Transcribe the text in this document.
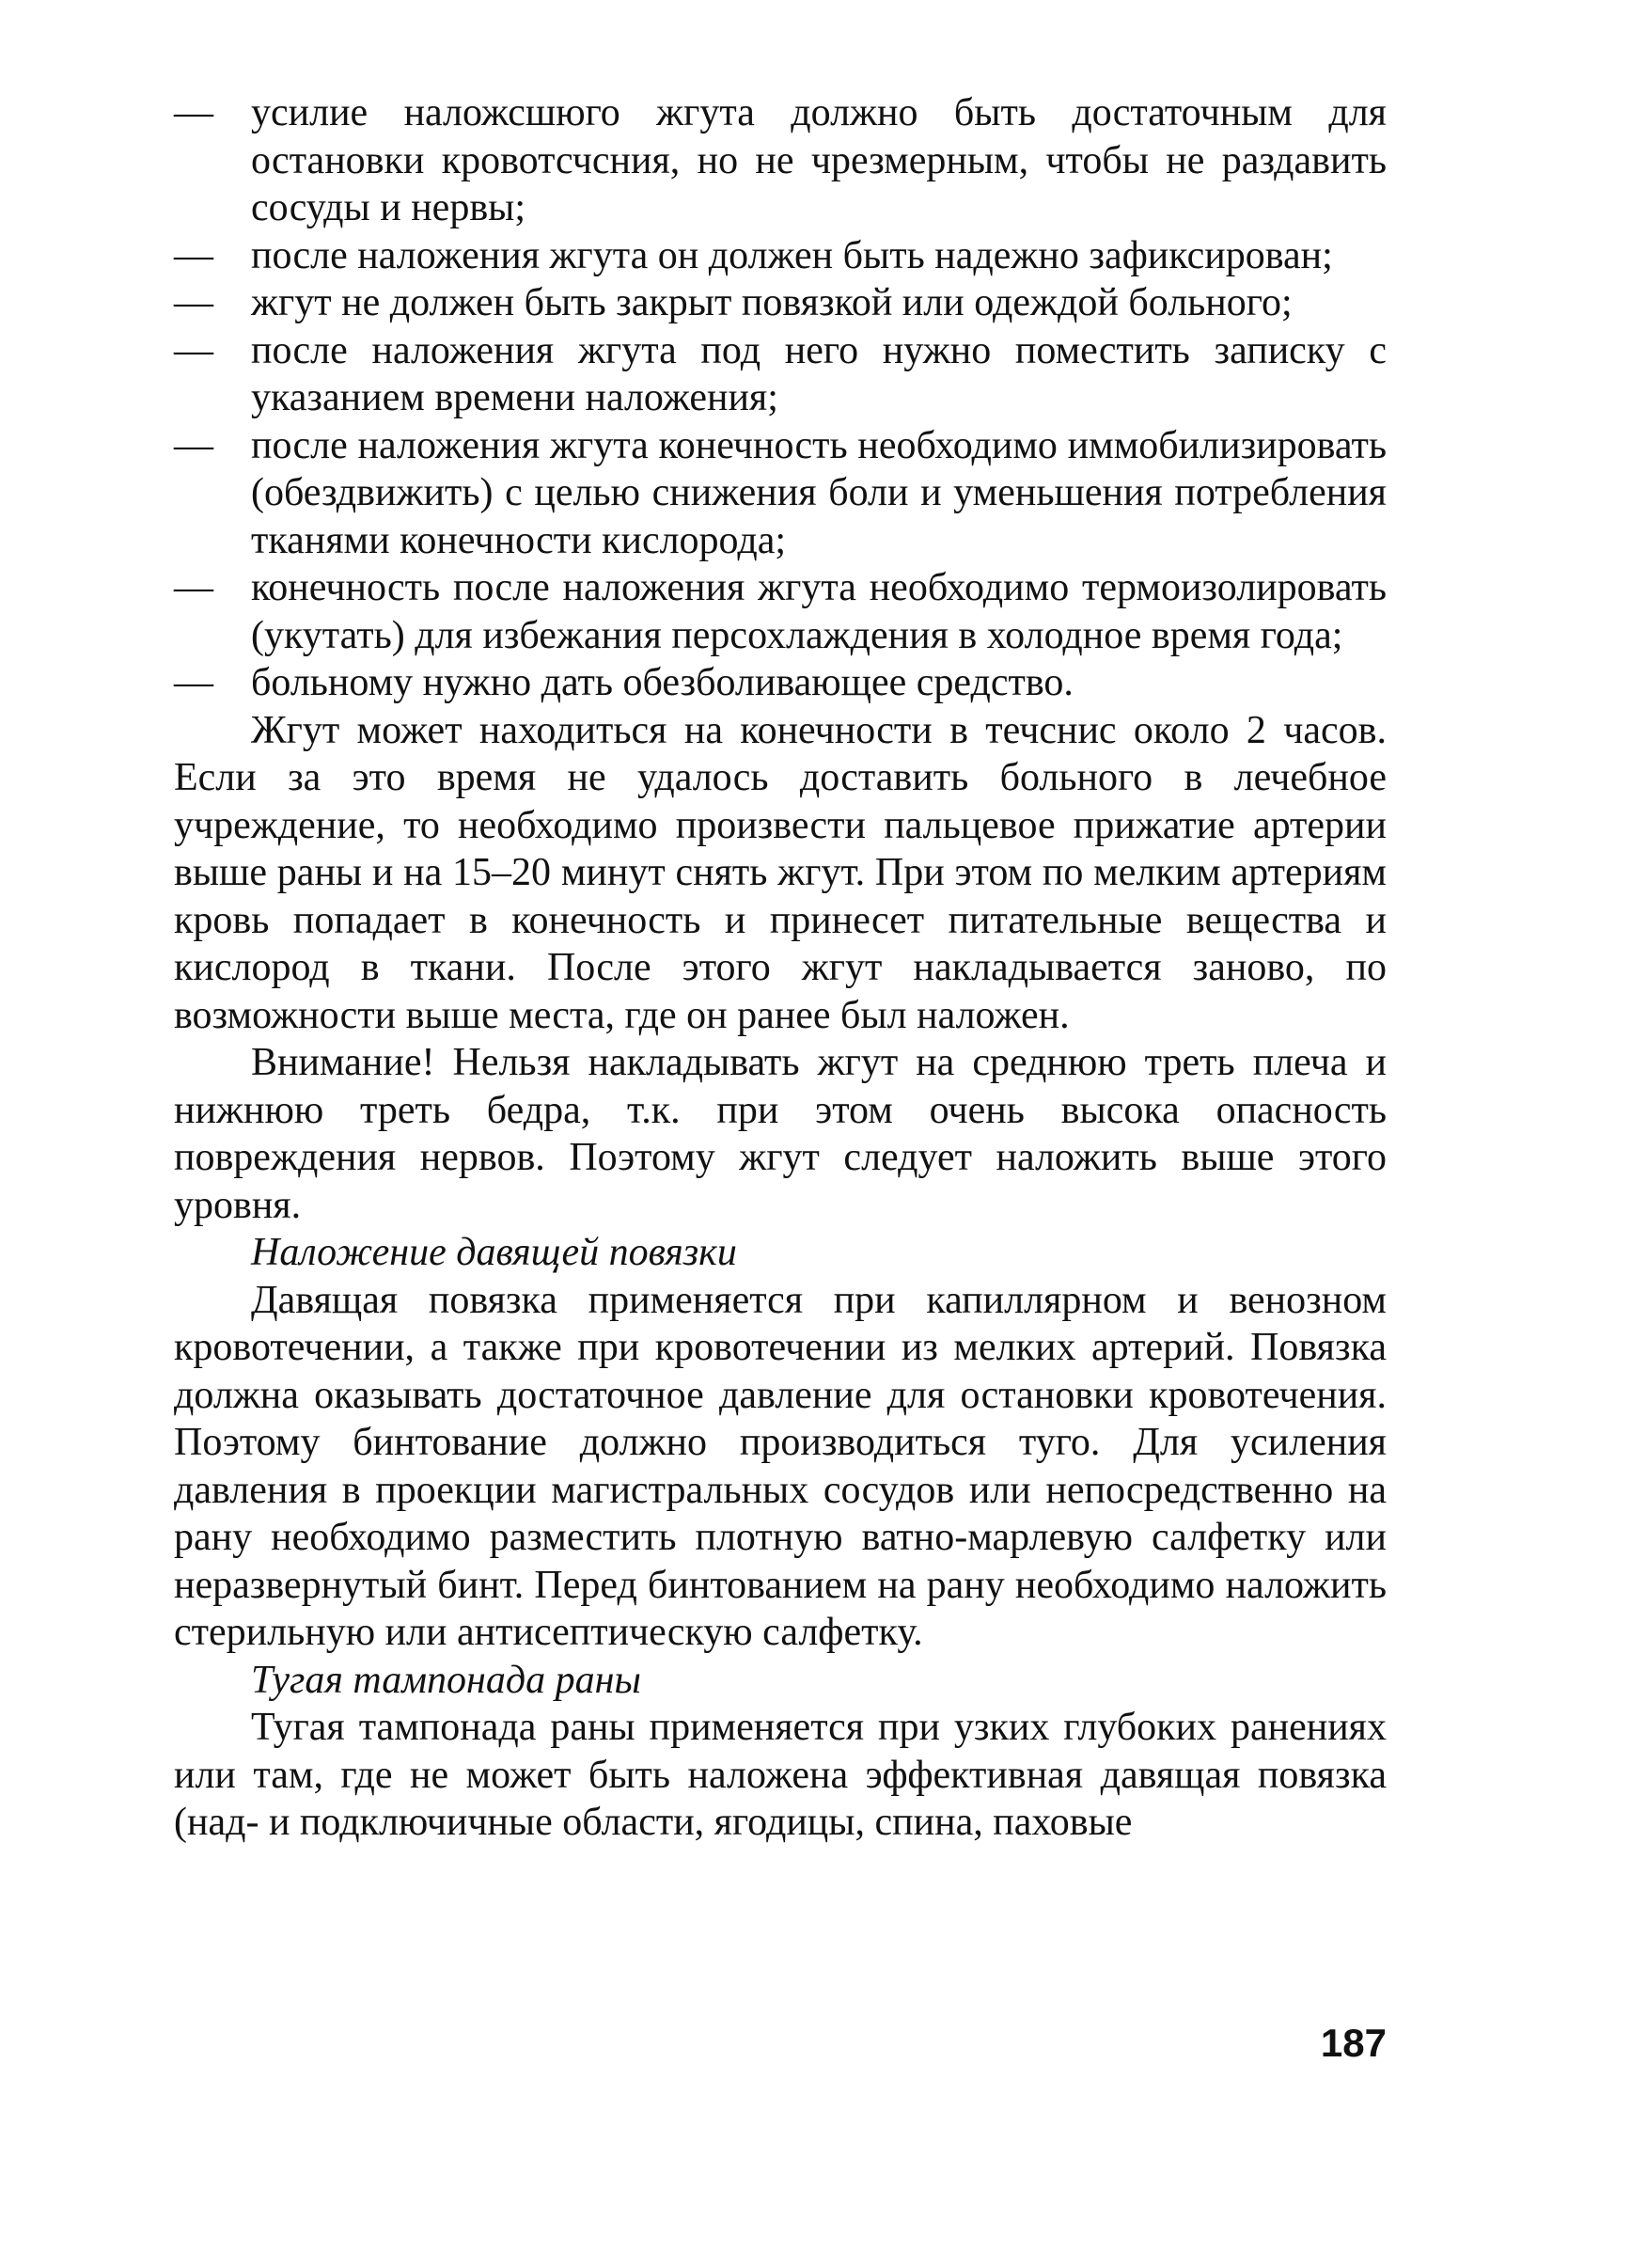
— усилие наложсшюго жгута должно быть достаточным для остановки кровотсчсния, но не чрезмерным, чтобы не раздавить сосуды и нервы;
— после наложения жгута он должен быть надежно зафиксирован;
— жгут не должен быть закрыт повязкой или одеждой больного;
— после наложения жгута под него нужно поместить записку с указанием времени наложения;
— после наложения жгута конечность необходимо иммобилизировать (обездвижить) с целью снижения боли и уменьшения потребления тканями конечности кислорода;
— конечность после наложения жгута необходимо термоизолировать (укутать) для избежания персохлаждения в холодное время года;
— больному нужно дать обезболивающее средство.

Жгут может находиться на конечности в течснис около 2 часов. Если за это время не удалось доставить больного в лечебное учреждение, то необходимо произвести пальцевое прижатие артерии выше раны и на 15–20 минут снять жгут. При этом по мелким артериям кровь попадает в конечность и принесет питательные вещества и кислород в ткани. После этого жгут накладывается заново, по возможности выше места, где он ранее был наложен.

Внимание! Нельзя накладывать жгут на среднюю треть плеча и нижнюю треть бедра, т.к. при этом очень высока опасность повреждения нервов. Поэтому жгут следует наложить выше этого уровня.

Наложение давящей повязки

Давящая повязка применяется при капиллярном и венозном кровотечении, а также при кровотечении из мелких артерий. Повязка должна оказывать достаточное давление для остановки кровотечения. Поэтому бинтование должно производиться туго. Для усиления давления в проекции магистральных сосудов или непосредственно на рану необходимо разместить плотную ватно-марлевую салфетку или неразвернутый бинт. Перед бинтованием на рану необходимо наложить стерильную или антисептическую салфетку.

Тугая тампонада раны

Тугая тампонада раны применяется при узких глубоких ранениях или там, где не может быть наложена эффективная давящая повязка (над- и подключичные области, ягодицы, спина, паховые

187
